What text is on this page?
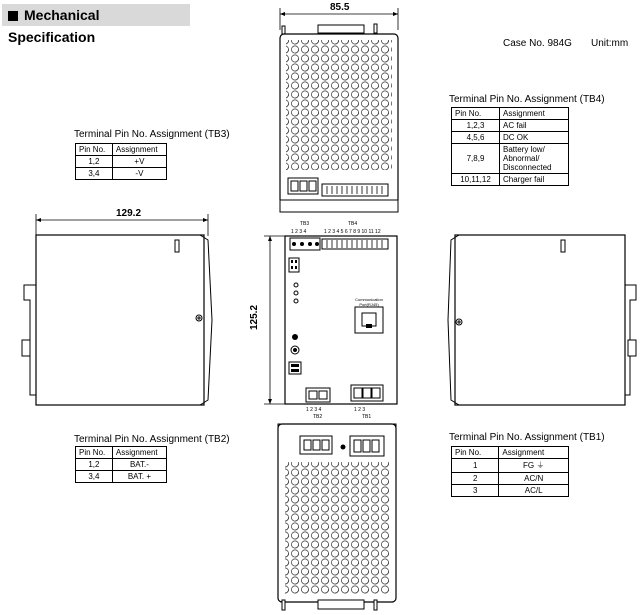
Mechanical Specification	Case No. 984G Unit:mm
85.5
129.2
125.2
TB3	TB4
1 2 3 4	1 2 3 4 5 6 7 8 9 10 11 12
Communication Port(RJ45)
1 2 3 4	1 2 3
TB2	TB1
Terminal Pin No. Assignment (TB3)
Pin No.	Assignment
1,2	+V
3,4	-V
Terminal Pin No. Assignment (TB4)
Pin No.	Assignment
1,2,3	AC fail
4,5,6	DC OK
7,8,9	Battery low/ Abnormal/ Disconnected
10,11,12	Charger fail
Terminal Pin No. Assignment (TB2)
Pin No.	Assignment
1,2	BAT.-
3,4	BAT. +
Terminal Pin No. Assignment (TB1)
Pin No.	Assignment
1	FG ⏚
2	AC/N
3	AC/L
